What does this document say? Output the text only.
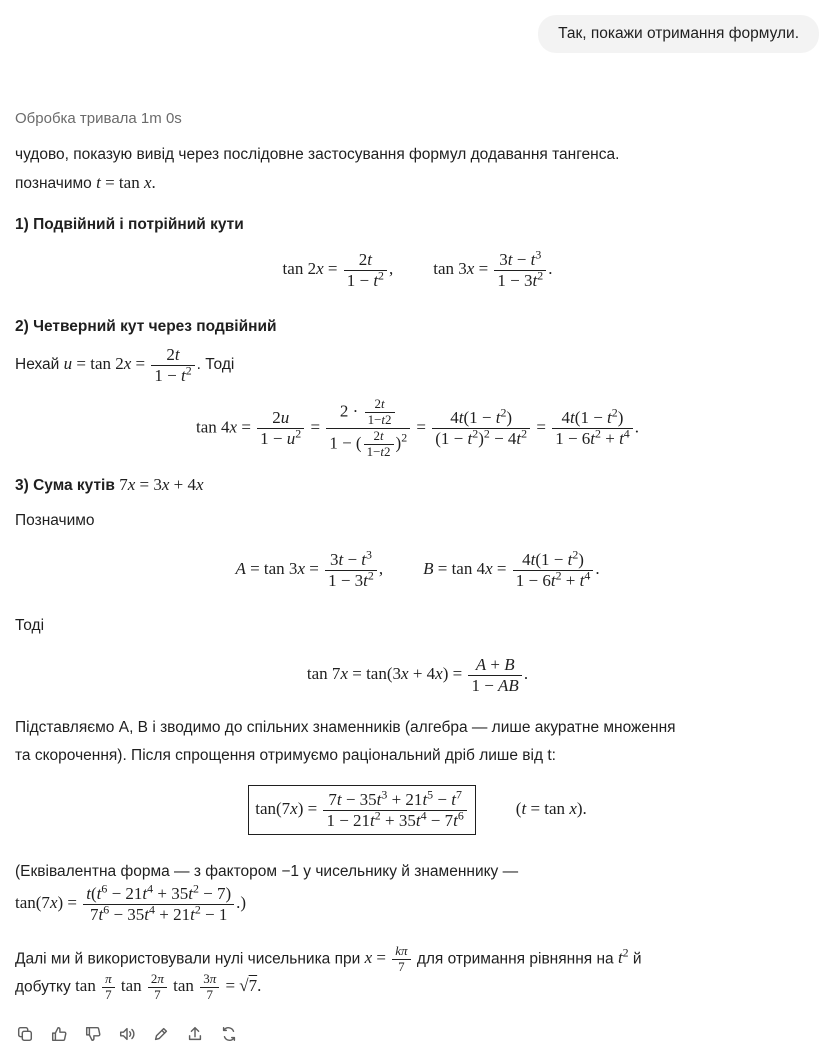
Так, покажи отримання формули.
Обробка тривала 1m 0s
чудово, показую вивід через послідовне застосування формул додавання тангенса.
позначимо t = tan x.
1) Подвійний і потрійний кути
$\tan 2x = \frac{2t}{1 - t^2}$ , $\tan 3x = \frac{3t - t^3}{1 - 3t^2}$ .
2) Четверний кут через подвійний
Нехай $u = \tan 2x = \frac{2t}{1 - t^2}$ . Тоді
$\tan 4x = \frac{2u}{1 - u^2} = \frac{2 \cdot \frac{2t}{1-t2}}{1 - ( \frac{2t}{1-t2} )^2} = \frac{4t(1 - t^2)}{(1 - t^2)^2 - 4t^2} = \frac{4t(1 - t^2)}{1 - 6t^2 + t^4}$ .
3) Сума кутів 7x = 3x + 4x
Позначимо
$A = \tan 3x = \frac{3t - t^3}{1 - 3t^2}$ , $B = \tan 4x = \frac{4t(1 - t^2)}{1 - 6t^2 + t^4}$ .
Тоді
$\tan 7x = \tan(3x + 4x) = \frac{A + B}{1 - AB}$ .
Підставляємо A, B і зводимо до спільних знаменників (алгебра — лише акуратне множення
та скорочення). Після спрощення отримуємо раціональний дріб лише від t:
$\tan(7x) = \frac{7t - 35t^3 + 21t^5 - t^7}{1 - 21t^2 + 35t^4 - 7t^6}$	(t = tan x).
(Еквівалентна форма — з фактором −1 у чисельнику й знаменнику —
$\tan(7x) = \frac{t(t^6 - 21t^4 + 35t^2 - 7)}{7t^6 - 35t^4 + 21t^2 - 1}$ .)
Далі ми й використовували нулі чисельника при $x = \frac{k\pi}{7}$ для отримання рівняння на $t^2$ й
добутку $\tan \frac{\pi}{7}$ $\tan \frac{2\pi}{7}$ $\tan \frac{3\pi}{7} = √7$.
